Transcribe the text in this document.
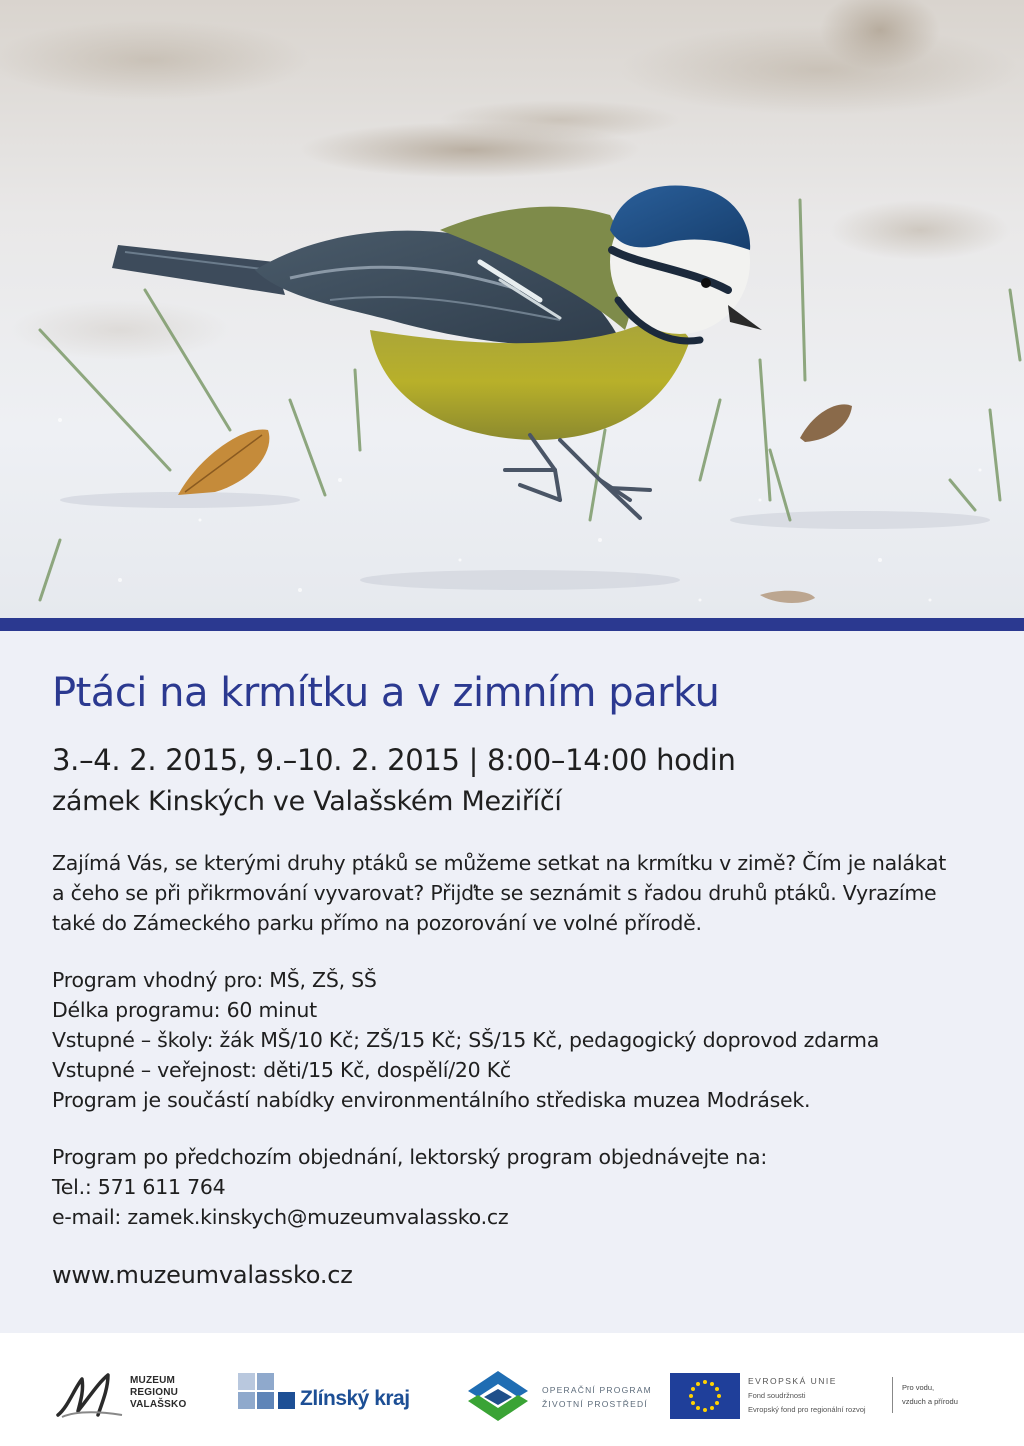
Ptáci na krmítku a v zimním parku
3.–4. 2. 2015, 9.–10. 2. 2015 | 8:00–14:00 hodin
zámek Kinských ve Valašském Meziříčí

Zajímá Vás, se kterými druhy ptáků se můžeme setkat na krmítku v zimě? Čím je nalákat

a čeho se při přikrmování vyvarovat? Přijďte se seznámit s řadou druhů ptáků. Vyrazíme

také do Zámeckého parku přímo na pozorování ve volné přírodě.

Program vhodný pro: MŠ, ZŠ, SŠ

Délka programu: 60 minut

Vstupné – školy: žák MŠ/10 Kč; ZŠ/15 Kč; SŠ/15 Kč, pedagogický doprovod zdarma

Vstupné – veřejnost: děti/15 Kč, dospělí/20 Kč

Program je součástí nabídky environmentálního střediska muzea Modrásek.

Program po předchozím objednání, lektorský program objednávejte na:

Tel.: 571 611 764

e-mail: zamek.kinskych@muzeumvalassko.cz

www.muzeumvalassko.cz
MUZEUM
REGIONU
VALAŠSKO	Zlínský kraj	OPERAČNÍ PROGRAM
ŽIVOTNÍ PROSTŘEDÍ
EVROPSKÁ UNIE
Fond soudržnosti
Evropský fond pro regionální rozvoj
Pro vodu,
vzduch a přírodu
